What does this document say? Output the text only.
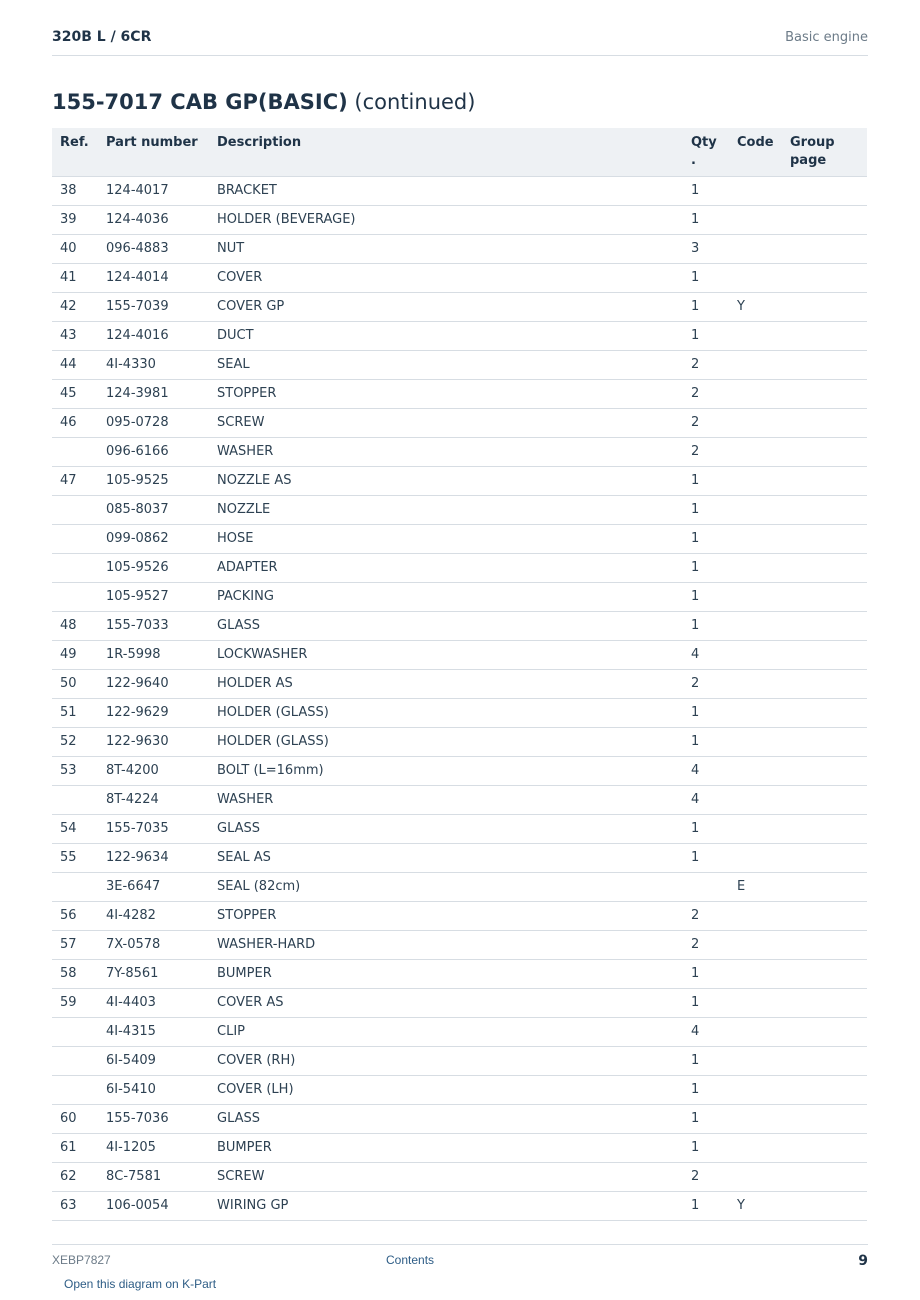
320B L / 6CR	Basic engine
155-7017 CAB GP(BASIC) (continued)
Ref.	Part number	Description	Qty .	Code	Group page
38	124-4017	BRACKET	1		
39	124-4036	HOLDER (BEVERAGE)	1		
40	096-4883	NUT	3		
41	124-4014	COVER	1		
42	155-7039	COVER GP	1	Y	
43	124-4016	DUCT	1		
44	4I-4330	SEAL	2		
45	124-3981	STOPPER	2		
46	095-0728	SCREW	2		
	096-6166	WASHER	2		
47	105-9525	NOZZLE AS	1		
	085-8037	NOZZLE	1		
	099-0862	HOSE	1		
	105-9526	ADAPTER	1		
	105-9527	PACKING	1		
48	155-7033	GLASS	1		
49	1R-5998	LOCKWASHER	4		
50	122-9640	HOLDER AS	2		
51	122-9629	HOLDER (GLASS)	1		
52	122-9630	HOLDER (GLASS)	1		
53	8T-4200	BOLT (L=16mm)	4		
	8T-4224	WASHER	4		
54	155-7035	GLASS	1		
55	122-9634	SEAL AS	1		
	3E-6647	SEAL (82cm)		E	
56	4I-4282	STOPPER	2		
57	7X-0578	WASHER-HARD	2		
58	7Y-8561	BUMPER	1		
59	4I-4403	COVER AS	1		
	4I-4315	CLIP	4		
	6I-5409	COVER (RH)	1		
	6I-5410	COVER (LH)	1		
60	155-7036	GLASS	1		
61	4I-1205	BUMPER	1		
62	8C-7581	SCREW	2		
63	106-0054	WIRING GP	1	Y	
XEBP7827	Contents	9
Open this diagram on K-Part
